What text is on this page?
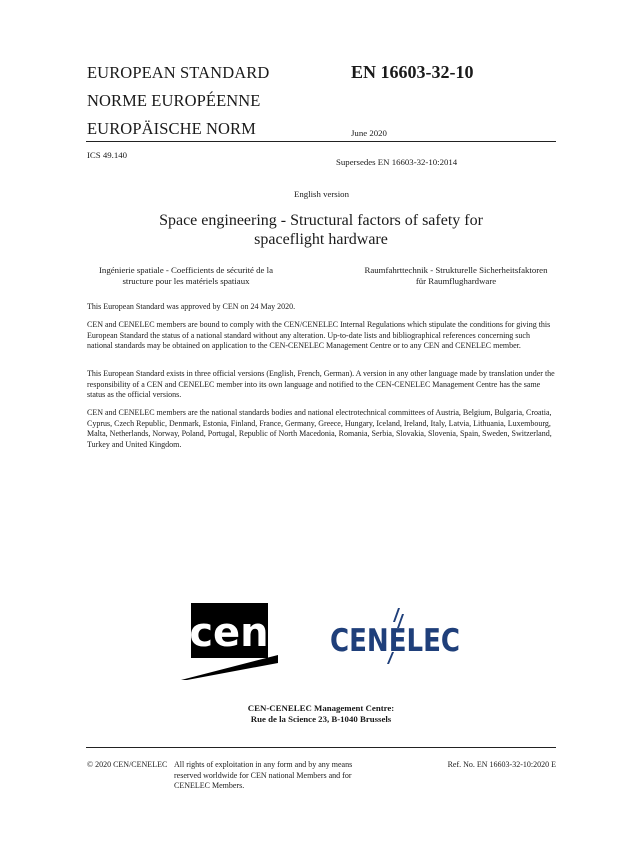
EUROPEAN STANDARD
NORME EUROPÉENNE
EUROPÄISCHE NORM
EN 16603-32-10
June 2020
ICS 49.140
Supersedes EN 16603-32-10:2014
English version
Space engineering - Structural factors of safety for
spaceflight hardware
Ingénierie spatiale - Coefficients de sécurité de la
structure pour les matériels spatiaux
Raumfahrttechnik - Strukturelle Sicherheitsfaktoren
für Raumflughardware
This European Standard was approved by CEN on 24 May 2020.
CEN and CENELEC members are bound to comply with the CEN/CENELEC Internal Regulations which stipulate the conditions for giving this European Standard the status of a national standard without any alteration. Up-to-date lists and bibliographical references concerning such national standards may be obtained on application to the CEN-CENELEC Management Centre or to any CEN and CENELEC member.
This European Standard exists in three official versions (English, French, German). A version in any other language made by translation under the responsibility of a CEN and CENELEC member into its own language and notified to the CEN-CENELEC Management Centre has the same status as the official versions.
CEN and CENELEC members are the national standards bodies and national electrotechnical committees of Austria, Belgium, Bulgaria, Croatia, Cyprus, Czech Republic, Denmark, Estonia, Finland, France, Germany, Greece, Hungary, Iceland, Ireland, Italy, Latvia, Lithuania, Luxembourg, Malta, Netherlands, Norway, Poland, Portugal, Republic of North Macedonia, Romania, Serbia, Slovakia, Slovenia, Spain, Sweden, Switzerland, Turkey and United Kingdom.
cen CENELEC
CEN-CENELEC Management Centre:
Rue de la Science 23, B-1040 Brussels
© 2020 CEN/CENELEC All rights of exploitation in any form and by any means
reserved worldwide for CEN national Members and for
CENELEC Members.
Ref. No. EN 16603-32-10:2020 E
